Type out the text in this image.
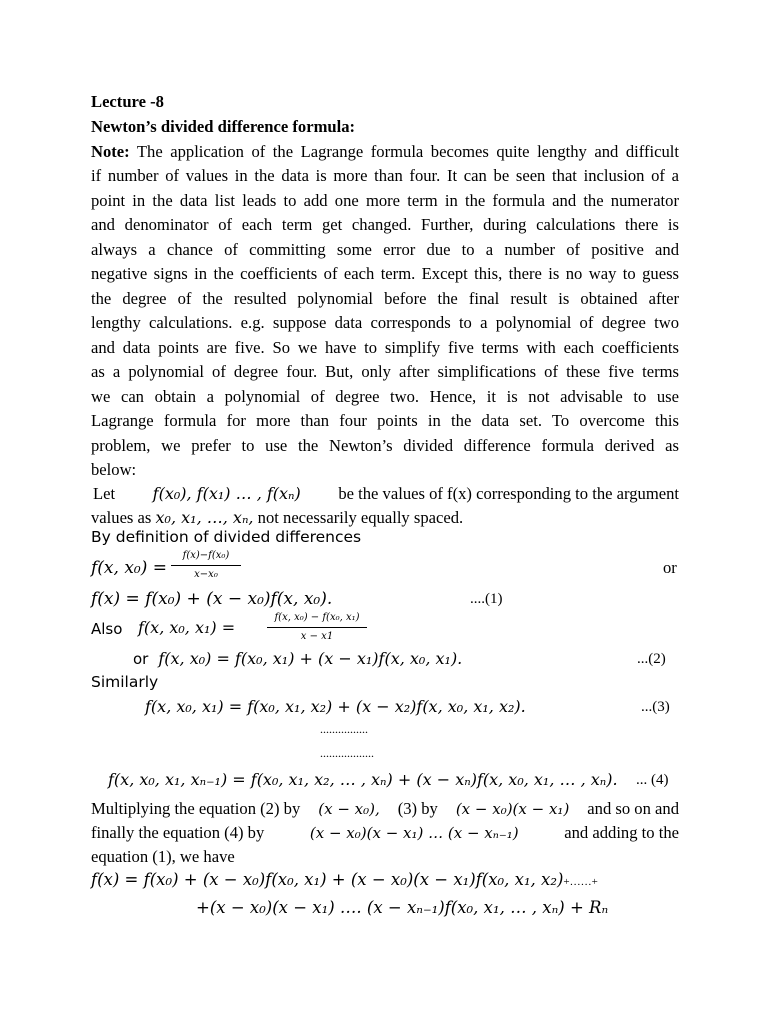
Lecture -8
Newton’s divided difference formula:
Note: The application of the Lagrange formula becomes quite lengthy and difficult
if number of values in the data is more than four. It can be seen that inclusion of a
point in the data list leads to add one more term in the formula and the numerator
and denominator of each term get changed. Further, during calculations there is
always a chance of committing some error due to a number of positive and
negative signs in the coefficients of each term. Except this, there is no way to guess
the degree of the resulted polynomial before the final result is obtained after
lengthy calculations. e.g. suppose data corresponds to a polynomial of degree two
and data points are five. So we have to simplify five terms with each coefficients
as a polynomial of degree four. But, only after simplifications of these five terms
we can obtain a polynomial of degree two. Hence, it is not advisable to use
Lagrange formula for more than four points in the data set. To overcome this
problem, we prefer to use the Newton’s divided difference formula derived as
below:
Let f(x₀), f(x₁) … , f(xₙ) be the values of f(x) corresponding to the argument
values as x₀, x₁, …, xₙ, not necessarily equally spaced.
By definition of divided differences
f(x, x₀) =
f(x)−f(x₀)
x−x₀	or
f(x) = f(x₀) + (x − x₀)f(x, x₀).	....(1)
Also f(x, x₀, x₁) =
f(x, x₀) − f(x₀, x₁)
x − x1
or f(x, x₀) = f(x₀, x₁) + (x − x₁)f(x, x₀, x₁).	...(2)
Similarly
f(x, x₀, x₁) = f(x₀, x₁, x₂) + (x − x₂)f(x, x₀, x₁, x₂).	...(3)
................
..................
f(x, x₀, x₁, xₙ₋₁) = f(x₀, x₁, x₂, … , xₙ) + (x − xₙ)f(x, x₀, x₁, … , xₙ). ... (4)
Multiplying the equation (2) by (x − x₀), (3) by (x − x₀)(x − x₁) and so on and
finally the equation (4) by	(x − x₀)(x − x₁) … (x − xₙ₋₁)	and adding to the
equation (1), we have
f(x) = f(x₀) + (x − x₀)f(x₀, x₁) + (x − x₀)(x − x₁)f(x₀, x₁, x₂)+……+
+(x − x₀)(x − x₁) …. (x − xₙ₋₁)f(x₀, x₁, … , xₙ) + Rₙ
